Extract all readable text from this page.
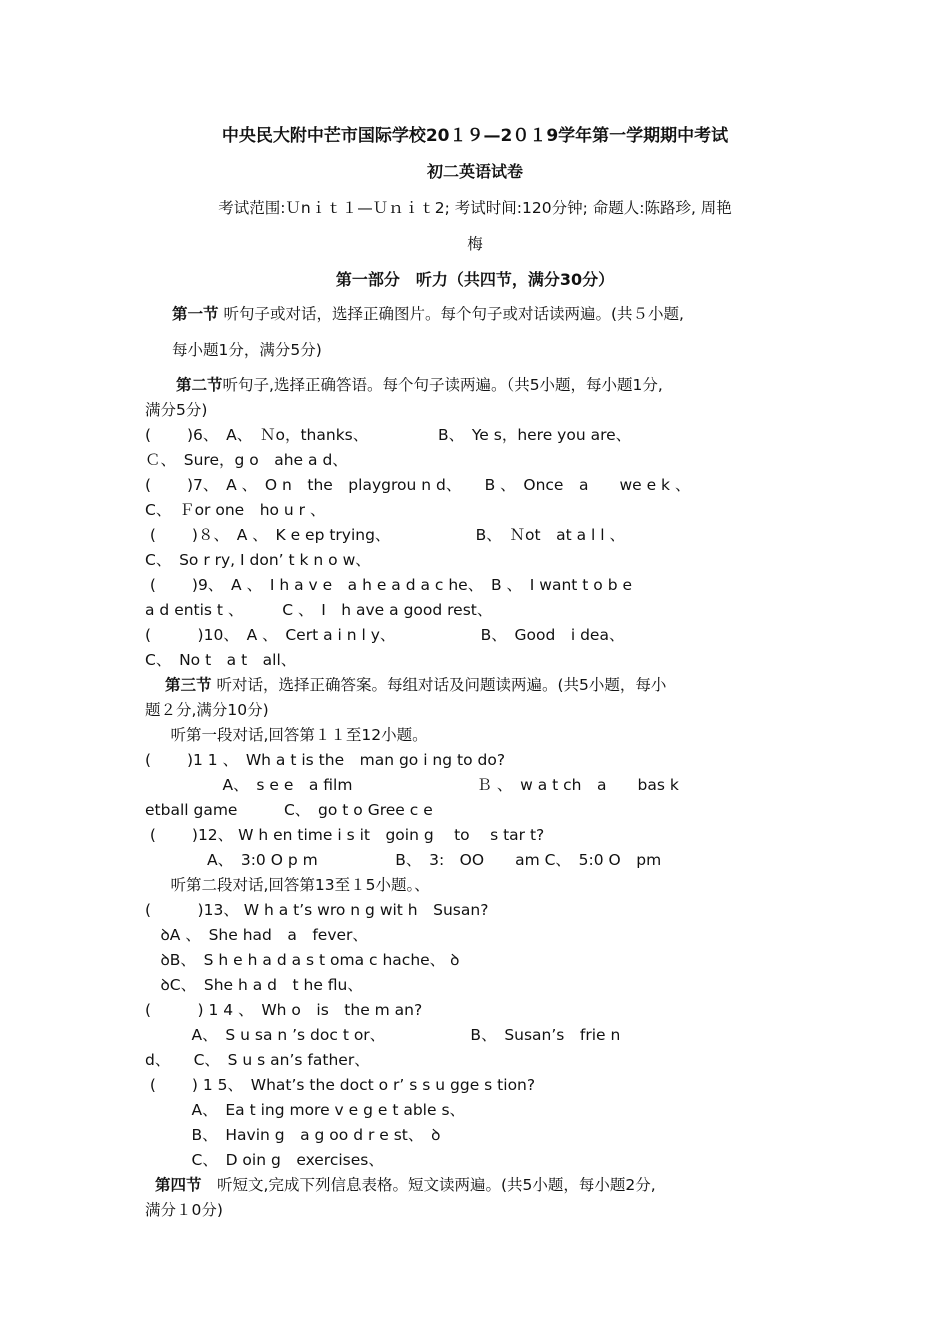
中央民大附中芒市国际学校20１９—2０１9学年第一学期期中考试
初二英语试卷
考试范围:Ｕnｉｔ１—Ｕｎｉｔ2; 考试时间:120分钟; 命题人:陈路珍, 周艳
梅
第一部分　听力（共四节，满分30分）
第一节 听句子或对话，选择正确图片。每个句子或对话读两遍。(共５小题,
每小题1分，满分5分)
第二节听句子,选择正确答语。每个句子读两遍。（共5小题，每小题1分,
满分5分)
(　　 )6、　A、　Ｎo，thanks、　　　　　B、　Ye s，here you are、
Ｃ、　Sure，g o　ahe a d、
(　　 )7、　A 、　O n　the　playgrou n d、　　B 、　Once　a　　we e k 、
C、　Ｆor one　ho u r 、
(　　 )８、　A 、　K e ep trying、　　　　　　B、　Ｎot　at a l l 、
C、　So r ry, I don’ t k n o w、
(　　 )9、　A 、　I h a v e　a h e a d a c he、　B 、　I want t o b e
a d entis t 、　　　C 、　I　h ave a good rest、
(　　　)10、　A 、　Cert a i n l y、　　　　　　B、　Good　i dea、
C、　No t　a t　all、
第三节 听对话，选择正确答案。每组对话及问题读两遍。(共5小题，每小
题２分,满分10分)
　听第一段对话,回答第１１至12小题。
(　　 )1 1 、　Wh a t is the　man go i ng to do?
　　　　　A、　s e e　a film　　　　　　　　Ｂ 、　w a t ch　a　　bas k
etball game　　　C、　go t o Gree c e
(　　 )12、 W h en time i s it　goin g　 to　 s tar t?
　　　　A、　3:0 O p m　　　　　B、　3:　OO　　am C、　5:0 O　pm
　听第二段对话,回答第13至１5小题。、
(　　　)13、 W h a t’s wro n g wit h　Susan?
　ꝺA 、　She had　a　fever、
　ꝺB、　S h e h a d a s t oma c hache、 ꝺ
　ꝺC、　She h a d　t he flu、
(　　　) 1 4 、　Wh o　is　the m an?
　　　A、　S u sa n ’s doc t or、　　　　　　B、　Susan’s　frie n
d、　　C、　S u s an’s father、
(　　 ) 1 5、　What’s the doct o r’ s s u gge s tion?
　　　A、　Ea t ing more v e g e t able s、
　　　B、　Havin g　a g oo d r e st、　ꝺ
　　　C、　D oin g　exercises、
第四节　听短文,完成下列信息表格。短文读两遍。(共5小题，每小题2分,
满分１0分)
